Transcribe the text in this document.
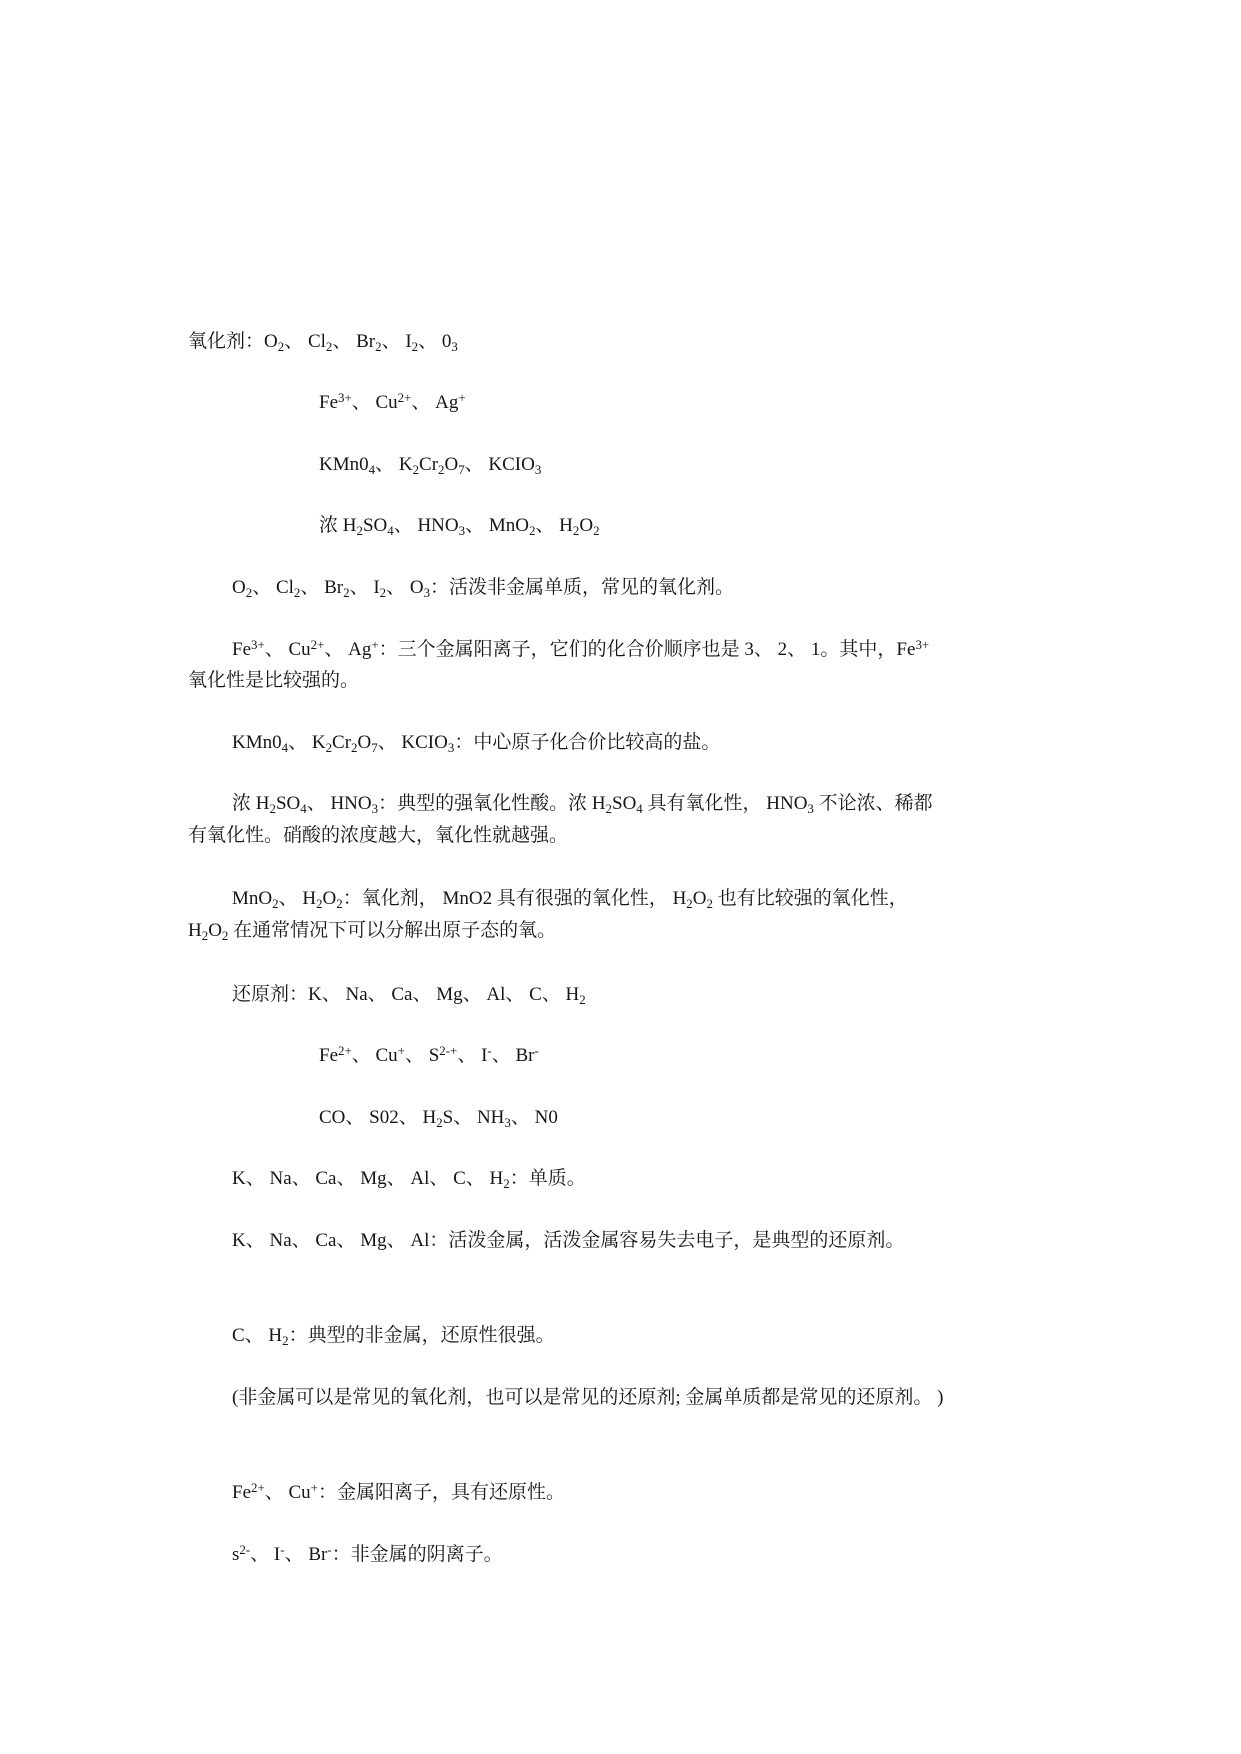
氧化剂：$O_2$、 $Cl_2$、 $Br_2$、 $I_2$、 $0_3$
$Fe^{3+}$、 $Cu^{2+}$、 Ag+
$KMn0_4$、 $K_2Cr_2O_7$、 $KCIO_3$
浓 $H_2SO_4$、 $HNO_3$、 MnO$_2$、 $H_2O_2$
$O_2$、 $Cl_2$、 $Br_2$、 $I_2$、 $O_3$：活泼非金属单质，常见的氧化剂。
$Fe^{3+}$、 $Cu^{2+}$、 Ag+：三个金属阳离子，它们的化合价顺序也是 3、 2、 1。其中，$Fe^{3+}$
氧化性是比较强的。
$KMn0_4$、 $K_2Cr_2O_7$、 $KCIO_3$：中心原子化合价比较高的盐。
浓 $H_2SO_4$、 $HNO_3$：典型的强氧化性酸。浓 $H_2SO_4$ 具有氧化性， $HNO_3$ 不论浓、稀都
有氧化性。硝酸的浓度越大，氧化性就越强。
MnO$_2$、 $H_2O_2$：氧化剂， MnO2 具有很强的氧化性， $H_2O_2$ 也有比较强的氧化性，
$H_2O_2$ 在通常情况下可以分解出原子态的氧。
还原剂：K、 Na、 Ca、 Mg、 Al、 C、 $H_2$
$Fe^{2+}$、 Cu+、 $S^{2-+}$、 I-、 Br-
CO、 S02、 $H_2S$、 $NH_3$、 N0
K、 Na、 Ca、 Mg、 Al、 C、 $H_2$：单质。
K、 Na、 Ca、 Mg、 Al：活泼金属，活泼金属容易失去电子，是典型的还原剂。
C、 $H_2$：典型的非金属，还原性很强。
(非金属可以是常见的氧化剂，也可以是常见的还原剂; 金属单质都是常见的还原剂。 )
$Fe^{2+}$、 Cu+：金属阳离子，具有还原性。
$s^{2-}$、 I-、 Br-：非金属的阴离子。
